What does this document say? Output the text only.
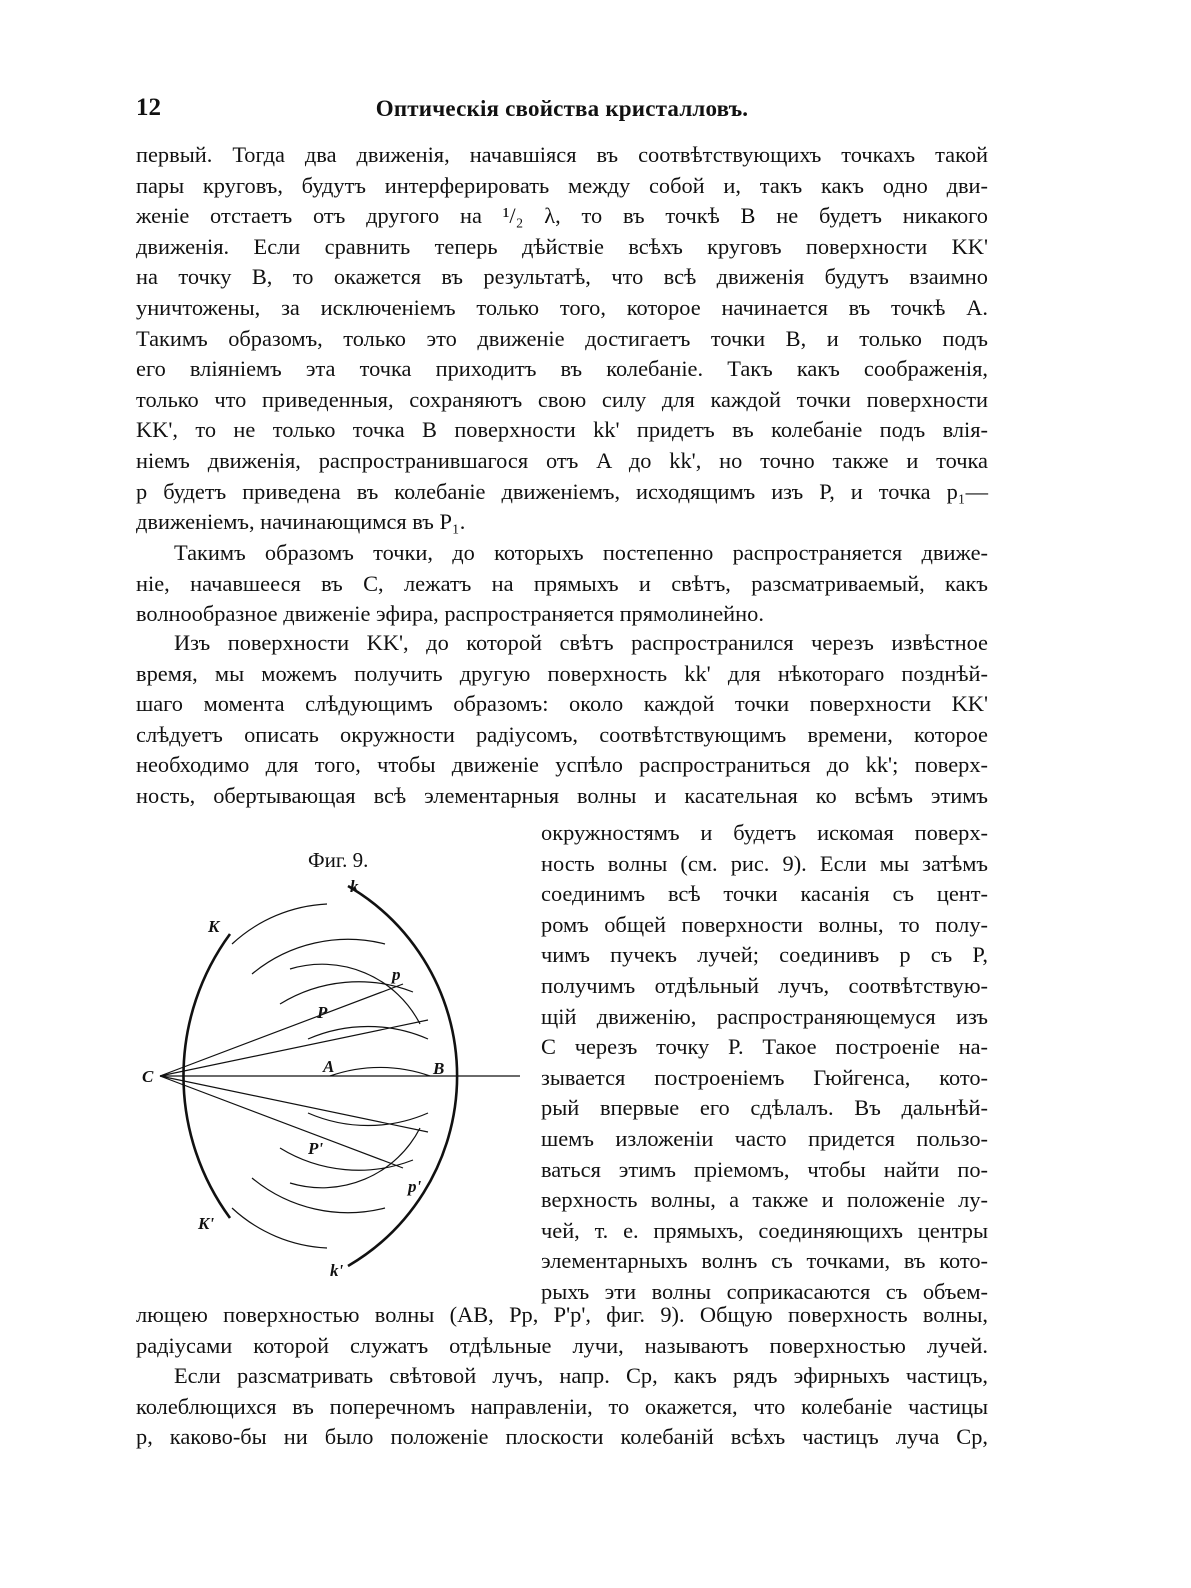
12	Оптическія свойства кристалловъ.
первый. Тогда два движенія, начавшіяся въ соотвѣтствующихъ точкахъ такой
пары круговъ, будутъ интерферировать между собой и, такъ какъ одно дви-
женіе отстаетъ отъ другого на ¹/₂ λ, то въ точкѣ B не будетъ никакого
движенія. Если сравнить теперь дѣйствіе всѣхъ круговъ поверхности KK'
на точку B, то окажется въ результатѣ, что всѣ движенія будутъ взаимно
уничтожены, за исключеніемъ только того, которое начинается въ точкѣ A.
Такимъ образомъ, только это движеніе достигаетъ точки B, и только подъ
его вліяніемъ эта точка приходитъ въ колебаніе. Такъ какъ соображенія,
только что приведенныя, сохраняютъ свою силу для каждой точки поверхности
KK', то не только точка B поверхности kk' придетъ въ колебаніе подъ влія-
ніемъ движенія, распространившагося отъ A до kk', но точно также и точка
p будетъ приведена въ колебаніе движеніемъ, исходящимъ изъ P, и точка p₁—
движеніемъ, начинающимся въ P₁.
Такимъ образомъ точки, до которыхъ постепенно распространяется движе-
ніе, начавшееся въ C, лежатъ на прямыхъ и свѣтъ, разсматриваемый, какъ
волнообразное движеніе эфира, распространяется прямолинейно.
Изъ поверхности KK', до которой свѣтъ распространился черезъ извѣстное
время, мы можемъ получить другую поверхность kk' для нѣкотораго позднѣй-
шаго момента слѣдующимъ образомъ: около каждой точки поверхности KK'
слѣдуетъ описать окружности радіусомъ, соотвѣтствующимъ времени, которое
необходимо для того, чтобы движеніе успѣло распространиться до kk'; поверх-
ность, обертывающая всѣ элементарныя волны и касательная ко всѣмъ этимъ
окружностямъ и будетъ искомая поверх-
ность волны (см. рис. 9). Если мы затѣмъ
соединимъ всѣ точки касанія съ цент-
ромъ общей поверхности волны, то полу-
чимъ пучекъ лучей; соединивъ p съ P,
получимъ отдѣльный лучъ, соотвѣтствую-
щій движенію, распространяющемуся изъ
C черезъ точку P. Такое построеніе на-
зывается построеніемъ Гюйгенса, кото-
рый впервые его сдѣлалъ. Въ дальнѣй-
шемъ изложеніи часто придется пользо-
ваться этимъ пріемомъ, чтобы найти по-
верхность волны, а также и положеніе лу-
чей, т. е. прямыхъ, соединяющихъ центры
элементарныхъ волнъ съ точками, въ кото-
рыхъ эти волны соприкасаются съ объем-
Фиг. 9.
K
K'
k
k'
C
A	B
P
P'
p
p'
лющею поверхностью волны (AB, Pp, P'p', фиг. 9). Общую поверхность волны,
радіусами которой служатъ отдѣльные лучи, называютъ поверхностью лучей.
Если разсматривать свѣтовой лучъ, напр. Cp, какъ рядъ эфирныхъ частицъ,
колеблющихся въ поперечномъ направленіи, то окажется, что колебаніе частицы
p, каково-бы ни было положеніе плоскости колебаній всѣхъ частицъ луча Cp,
